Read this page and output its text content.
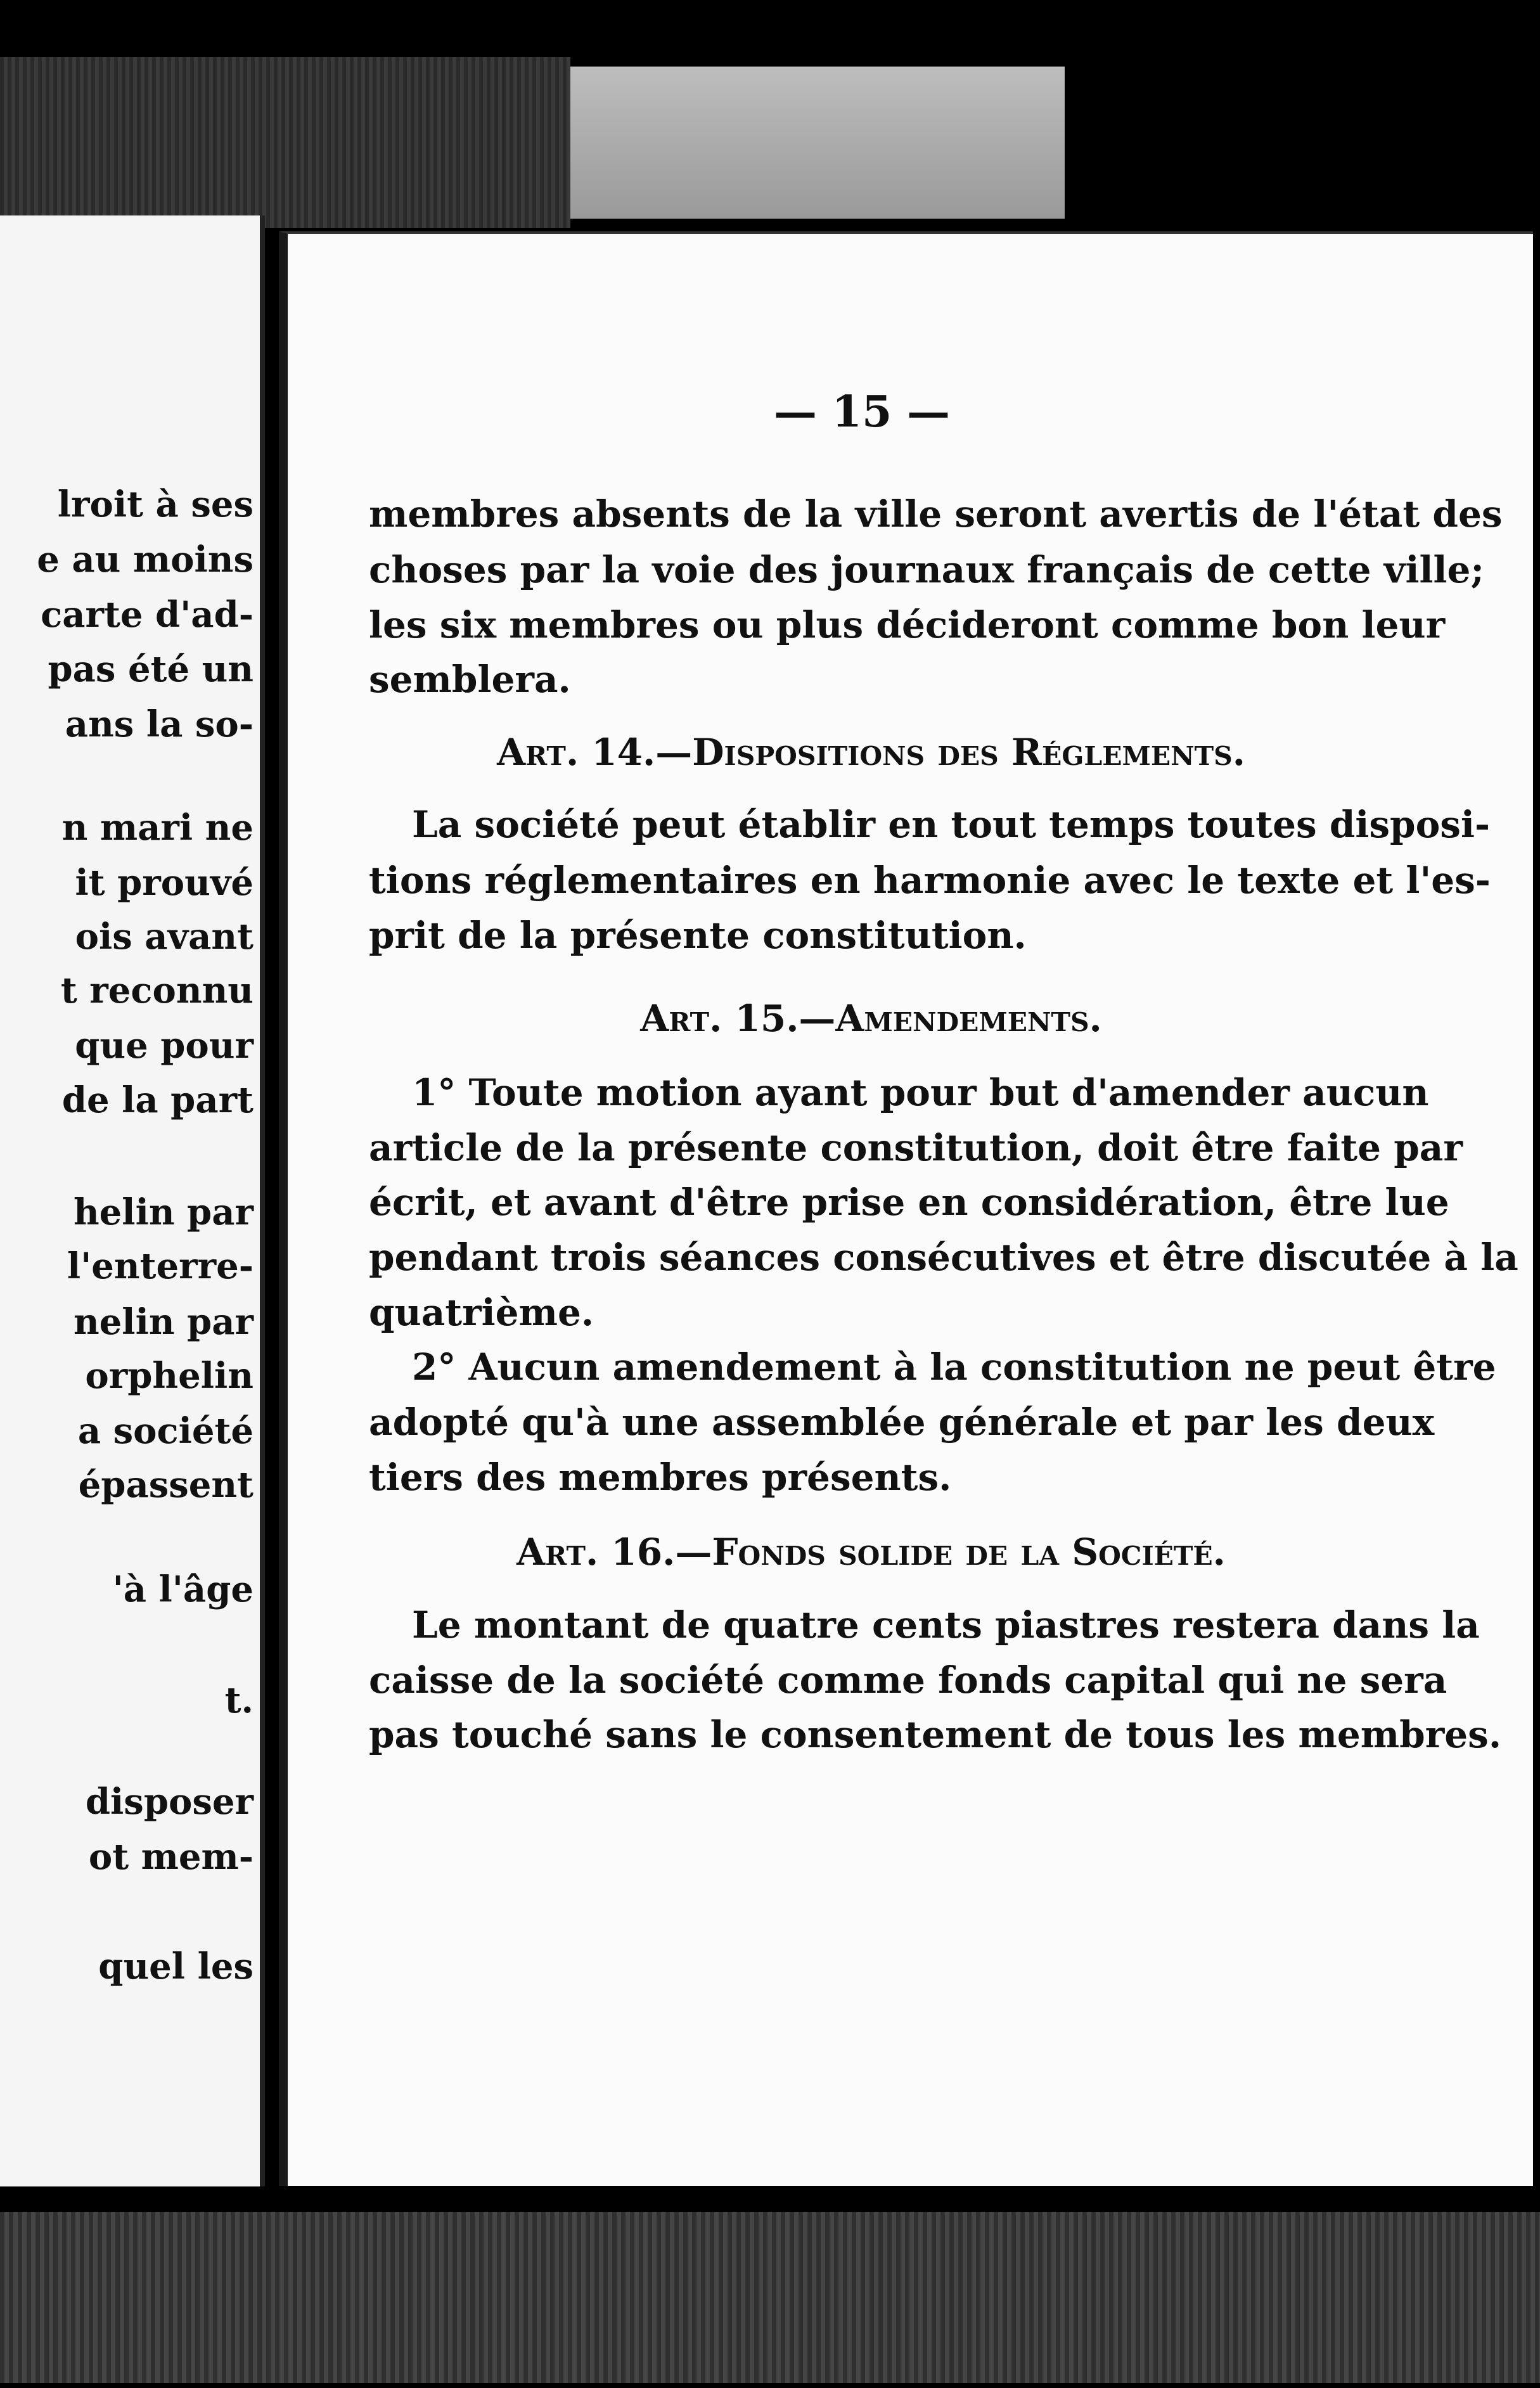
lroit à ses
e au moins
carte d'ad-
pas été un
ans la so-
n mari ne
it prouvé
ois avant
t reconnu
que pour
de la part
helin par
l'enterre-
nelin par
orphelin
a société
épassent
'à l'âge
t.
disposer
ot mem-
quel les
— 15 —
membres absents de la ville seront avertis de l'état des
choses par la voie des journaux français de cette ville;
les six membres ou plus décideront comme bon leur
semblera.
Art. 14.—Dispositions des Réglements.
La société peut établir en tout temps toutes disposi-
tions réglementaires en harmonie avec le texte et l'es-
prit de la présente constitution.
Art. 15.—Amendements.
1° Toute motion ayant pour but d'amender aucun
article de la présente constitution, doit être faite par
écrit, et avant d'être prise en considération, être lue
pendant trois séances consécutives et être discutée à la
quatrième.
2° Aucun amendement à la constitution ne peut être
adopté qu'à une assemblée générale et par les deux
tiers des membres présents.
Art. 16.—Fonds solide de la Société.
Le montant de quatre cents piastres restera dans la
caisse de la société comme fonds capital qui ne sera
pas touché sans le consentement de tous les membres.
